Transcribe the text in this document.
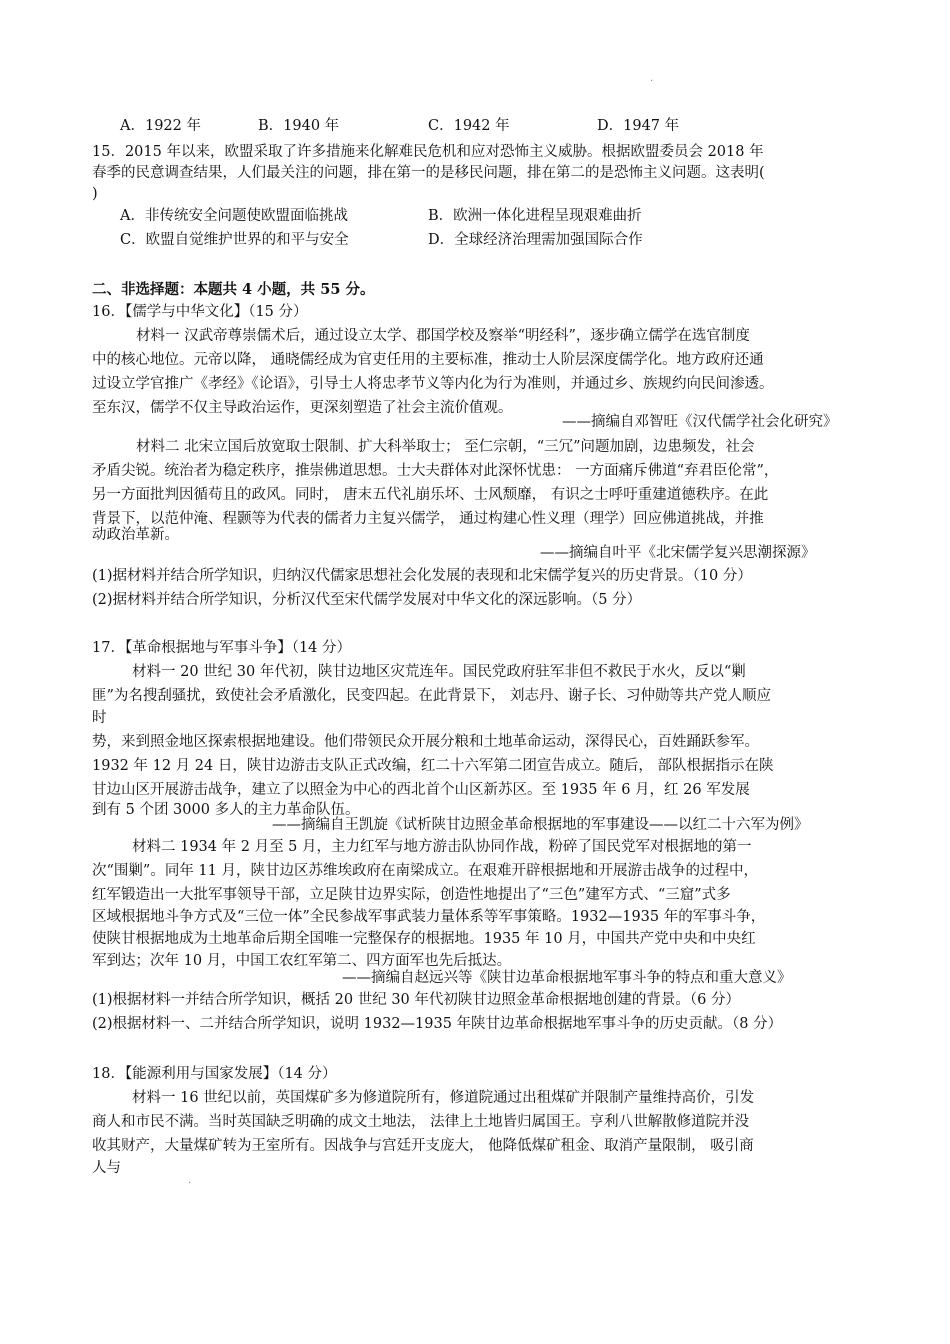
A．1922 年	B．1940 年	C．1942 年	D．1947 年
15．2015 年以来，欧盟采取了许多措施来化解难民危机和应对恐怖主义威胁。根据欧盟委员会 2018 年
春季的民意调查结果，人们最关注的问题，排在第一的是移民问题，排在第二的是恐怖主义问题。这表明(
)
A．非传统安全问题使欧盟面临挑战	B．欧洲一体化进程呈现艰难曲折
C．欧盟自觉维护世界的和平与安全	D．全球经济治理需加强国际合作
二、非选择题：本题共 4 小题，共 55 分。
16．【儒学与中华文化】（15 分）
材料一 汉武帝尊崇儒术后，通过设立太学、郡国学校及察举“明经科”，逐步确立儒学在选官制度
中的核心地位。元帝以降， 通晓儒经成为官吏任用的主要标准，推动士人阶层深度儒学化。地方政府还通
过设立学官推广《孝经》《论语》，引导士人将忠孝节义等内化为行为准则，并通过乡、族规约向民间渗透。
至东汉，儒学不仅主导政治运作，更深刻塑造了社会主流价值观。
——摘编自邓智旺《汉代儒学社会化研究》
材料二 北宋立国后放宽取士限制、扩大科举取士； 至仁宗朝，“三冗”问题加剧，边患频发，社会
矛盾尖锐。统治者为稳定秩序，推崇佛道思想。士大夫群体对此深怀忧患： 一方面痛斥佛道“弃君臣伦常”，
另一方面批判因循苟且的政风。同时， 唐末五代礼崩乐坏、士风颓靡， 有识之士呼吁重建道德秩序。在此
背景下，以范仲淹、程颢等为代表的儒者力主复兴儒学， 通过构建心性义理（理学）回应佛道挑战，并推
动政治革新。
——摘编自叶平《北宋儒学复兴思潮探源》
(1)据材料并结合所学知识，归纳汉代儒家思想社会化发展的表现和北宋儒学复兴的历史背景。（10 分）
(2)据材料并结合所学知识，分析汉代至宋代儒学发展对中华文化的深远影响。（5 分）
17．【革命根据地与军事斗争】（14 分）
材料一 20 世纪 30 年代初，陕甘边地区灾荒连年。国民党政府驻军非但不救民于水火，反以“剿
匪”为名搜刮骚扰，致使社会矛盾激化，民变四起。在此背景下， 刘志丹、谢子长、习仲勋等共产党人顺应
时
势，来到照金地区探索根据地建设。他们带领民众开展分粮和土地革命运动，深得民心，百姓踊跃参军。
1932 年 12 月 24 日，陕甘边游击支队正式改编，红二十六军第二团宣告成立。随后， 部队根据指示在陕
甘边山区开展游击战争，建立了以照金为中心的西北首个山区新苏区。至 1935 年 6 月，红 26 军发展
到有 5 个团 3000 多人的主力革命队伍。
——摘编自王凯旋《试析陕甘边照金革命根据地的军事建设——以红二十六军为例》
材料二 1934 年 2 月至 5 月，主力红军与地方游击队协同作战，粉碎了国民党军对根据地的第一
次“围剿”。同年 11 月，陕甘边区苏维埃政府在南梁成立。在艰难开辟根据地和开展游击战争的过程中，
红军锻造出一大批军事领导干部，立足陕甘边界实际，创造性地提出了“三色”建军方式、“三窟”式多
区域根据地斗争方式及“三位一体”全民参战军事武装力量体系等军事策略。1932—1935 年的军事斗争，
使陕甘根据地成为土地革命后期全国唯一完整保存的根据地。1935 年 10 月，中国共产党中央和中央红
军到达；次年 10 月，中国工农红军第二、四方面军也先后抵达。
——摘编自赵远兴等《陕甘边革命根据地军事斗争的特点和重大意义》
(1)根据材料一并结合所学知识，概括 20 世纪 30 年代初陕甘边照金革命根据地创建的背景。（6 分）
(2)根据材料一、二并结合所学知识，说明 1932—1935 年陕甘边革命根据地军事斗争的历史贡献。（8 分）
18．【能源利用与国家发展】（14 分）
材料一 16 世纪以前，英国煤矿多为修道院所有，修道院通过出租煤矿并限制产量维持高价，引发
商人和市民不满。当时英国缺乏明确的成文土地法， 法律上土地皆归属国王。亨利八世解散修道院并没
收其财产，大量煤矿转为王室所有。因战争与宫廷开支庞大， 他降低煤矿租金、取消产量限制， 吸引商
人与
·
·
